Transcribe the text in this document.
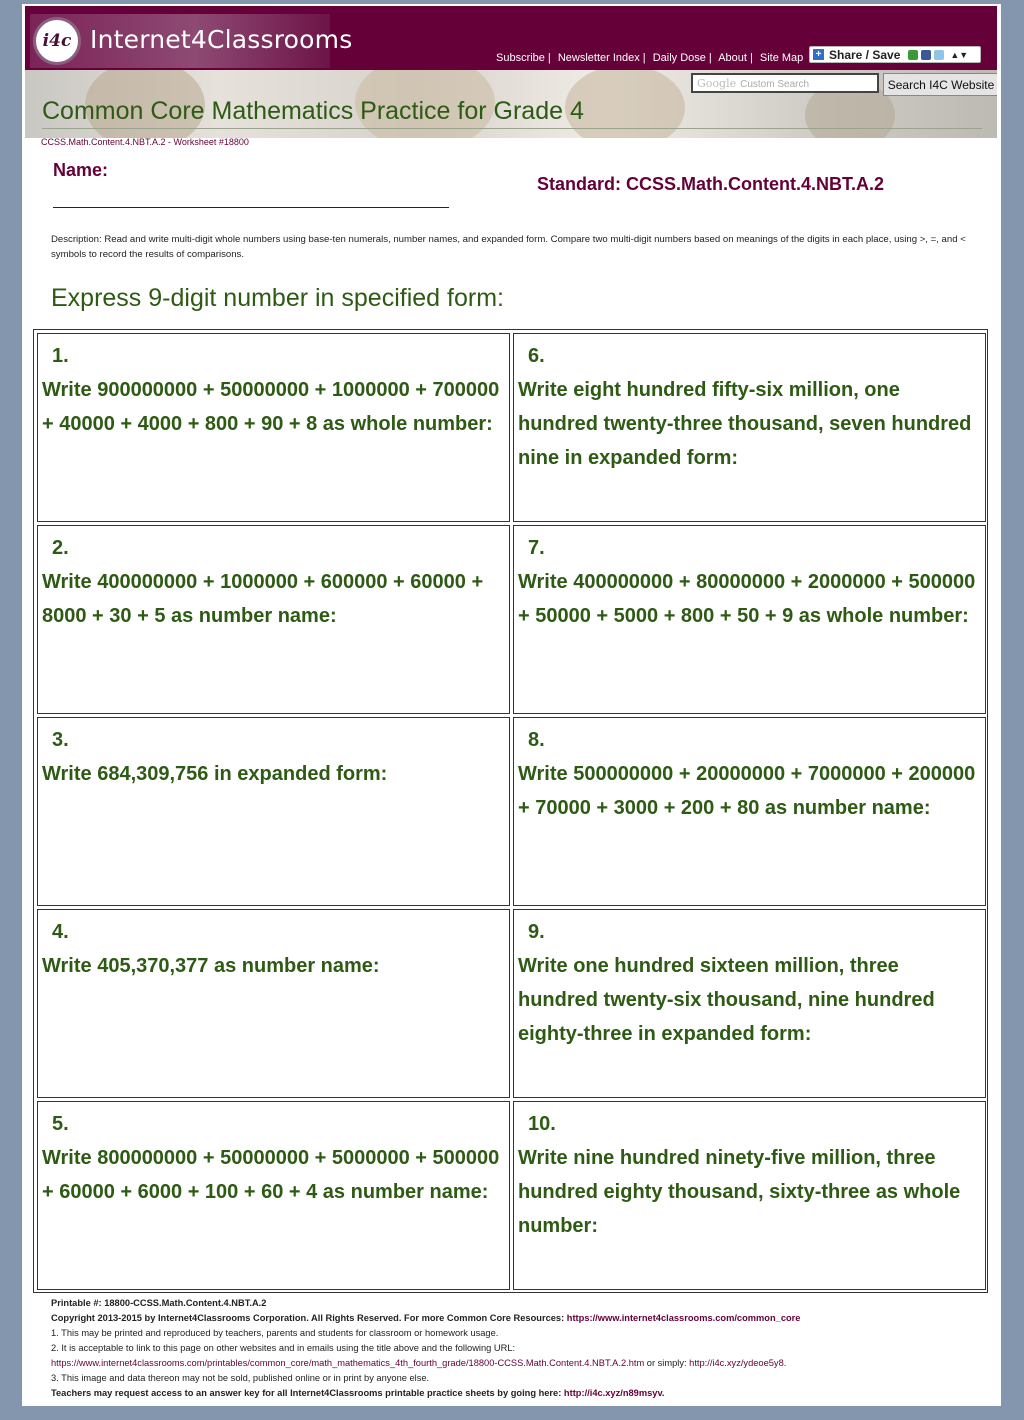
i4c Internet4Classrooms
Subscribe | Newsletter Index | Daily Dose | About | Site Map + Share / Save	▲▼
Google Custom Search	Search I4C Website
Common Core Mathematics Practice for Grade 4
CCSS.Math.Content.4.NBT.A.2 - Worksheet #18800
Name:
Standard: CCSS.Math.Content.4.NBT.A.2
Description: Read and write multi-digit whole numbers using base-ten numerals, number names, and expanded form. Compare two multi-digit numbers based on meanings of the digits in each place, using >, =, and < symbols to record the results of comparisons.
Express 9-digit number in specified form:
1.
Write 900000000 + 50000000 + 1000000 + 700000 + 40000 + 4000 + 800 + 90 + 8 as whole number:
2.
Write 400000000 + 1000000 + 600000 + 60000 + 8000 + 30 + 5 as number name:
3.
Write 684,309,756 in expanded form:
4.
Write 405,370,377 as number name:
5.
Write 800000000 + 50000000 + 5000000 + 500000 + 60000 + 6000 + 100 + 60 + 4 as number name:
6.
Write eight hundred fifty-six million, one hundred twenty-three thousand, seven hundred nine in expanded form:
7.
Write 400000000 + 80000000 + 2000000 + 500000 + 50000 + 5000 + 800 + 50 + 9 as whole number:
8.
Write 500000000 + 20000000 + 7000000 + 200000 + 70000 + 3000 + 200 + 80 as number name:
9.
Write one hundred sixteen million, three hundred twenty-six thousand, nine hundred eighty-three in expanded form:
10.
Write nine hundred ninety-five million, three hundred eighty thousand, sixty-three as whole number:
Printable #: 18800-CCSS.Math.Content.4.NBT.A.2
Copyright 2013-2015 by Internet4Classrooms Corporation. All Rights Reserved. For more Common Core Resources: https://www.internet4classrooms.com/common_core
1. This may be printed and reproduced by teachers, parents and students for classroom or homework usage.
2. It is acceptable to link to this page on other websites and in emails using the title above and the following URL:
https://www.internet4classrooms.com/printables/common_core/math_mathematics_4th_fourth_grade/18800-CCSS.Math.Content.4.NBT.A.2.htm or simply: http://i4c.xyz/ydeoe5y8.
3. This image and data thereon may not be sold, published online or in print by anyone else.
Teachers may request access to an answer key for all Internet4Classrooms printable practice sheets by going here: http://i4c.xyz/n89msyv.
